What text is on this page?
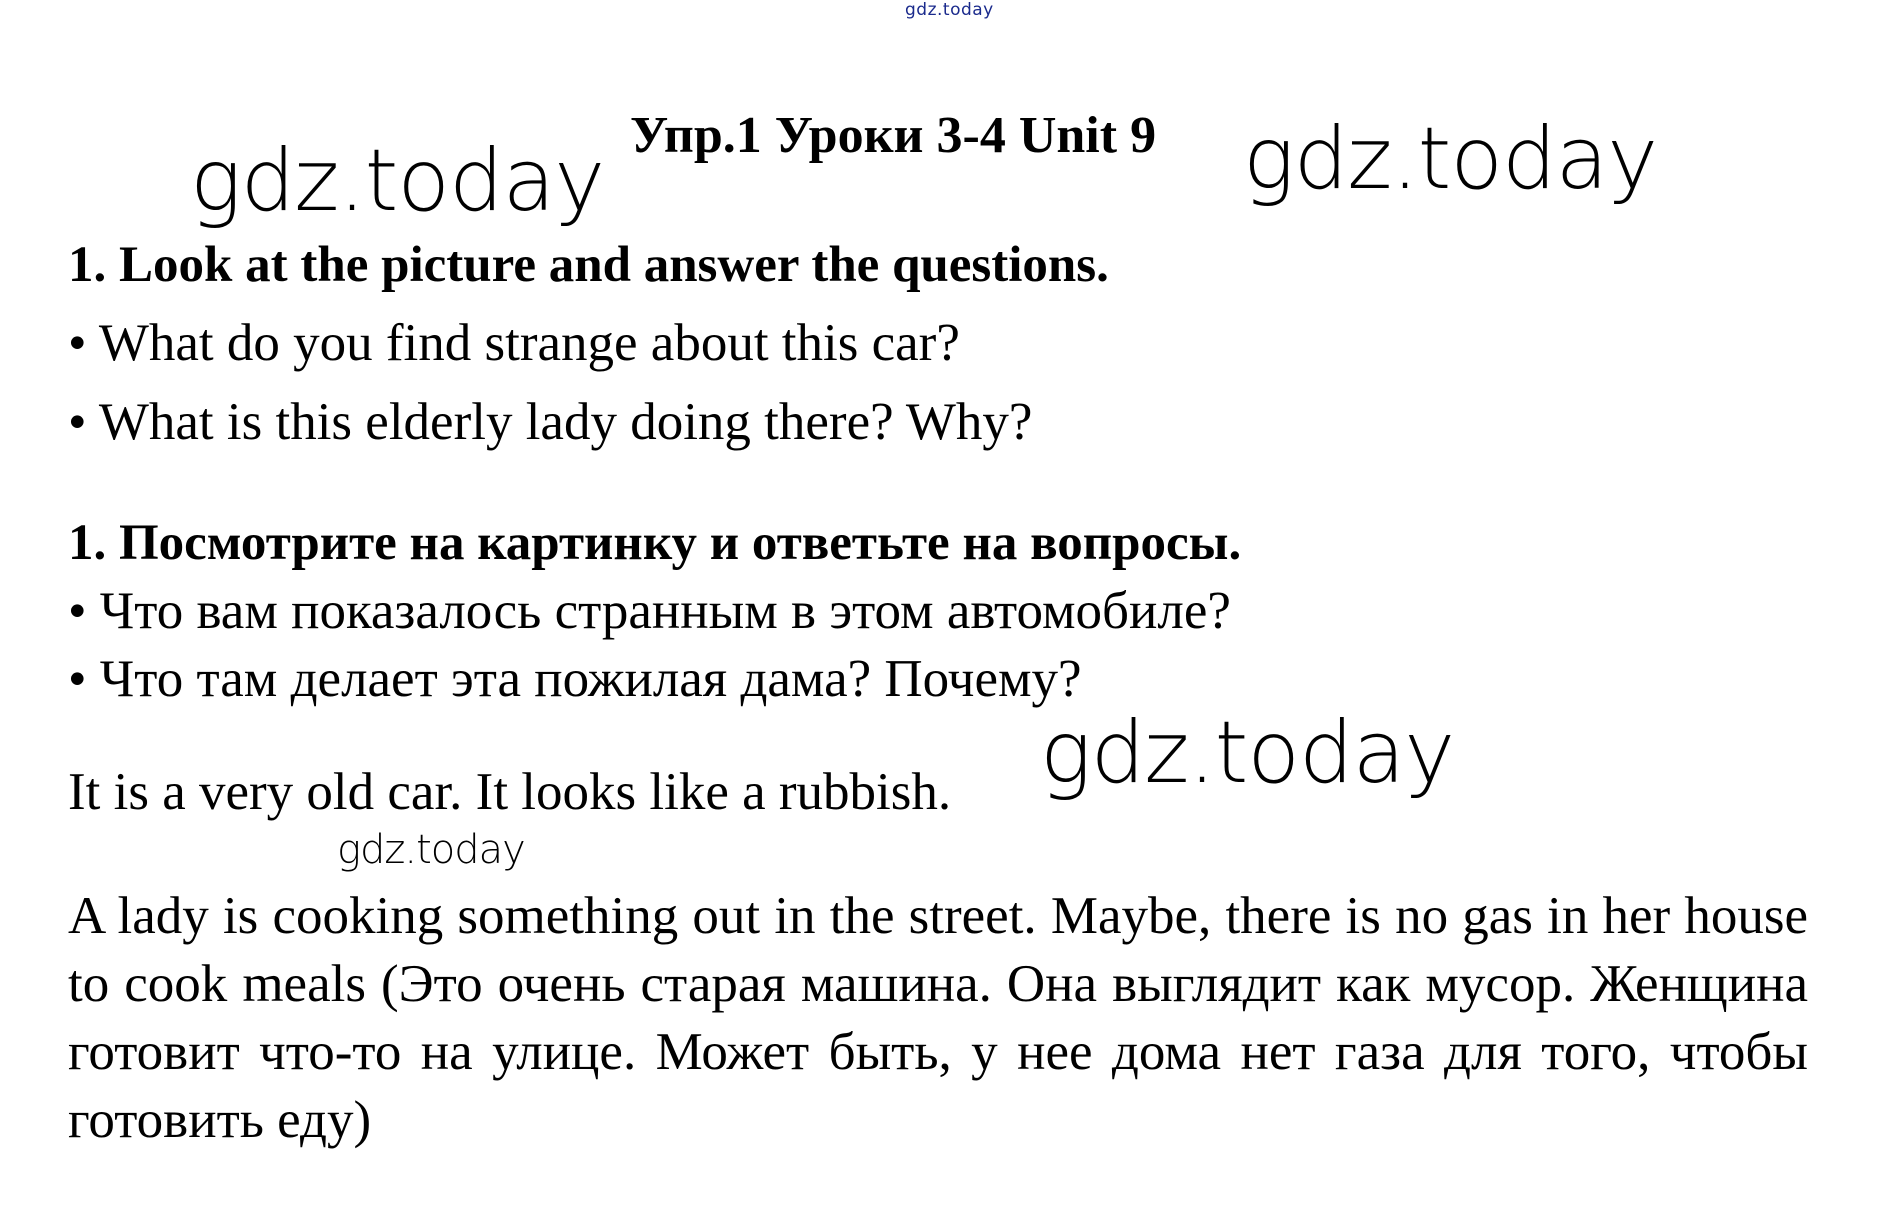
gdz.today
Упр.1 Уроки 3-4 Unit 9
gdz.today	gdz.today
1. Look at the picture and answer the questions.
• What do you find strange about this car?
• What is this elderly lady doing there? Why?
1. Посмотрите на картинку и ответьте на вопросы.
• Что вам показалось странным в этом автомобиле?
• Что там делает эта пожилая дама? Почему?
It is a very old car. It looks like a rubbish. gdz.today
gdz.today
A lady is cooking something out in the street. Maybe, there is no gas in her house to cook meals (Это очень старая машина. Она выглядит как мусор. Женщина готовит что-то на улице. Может быть, у нее дома нет газа для того, чтобы готовить еду)
